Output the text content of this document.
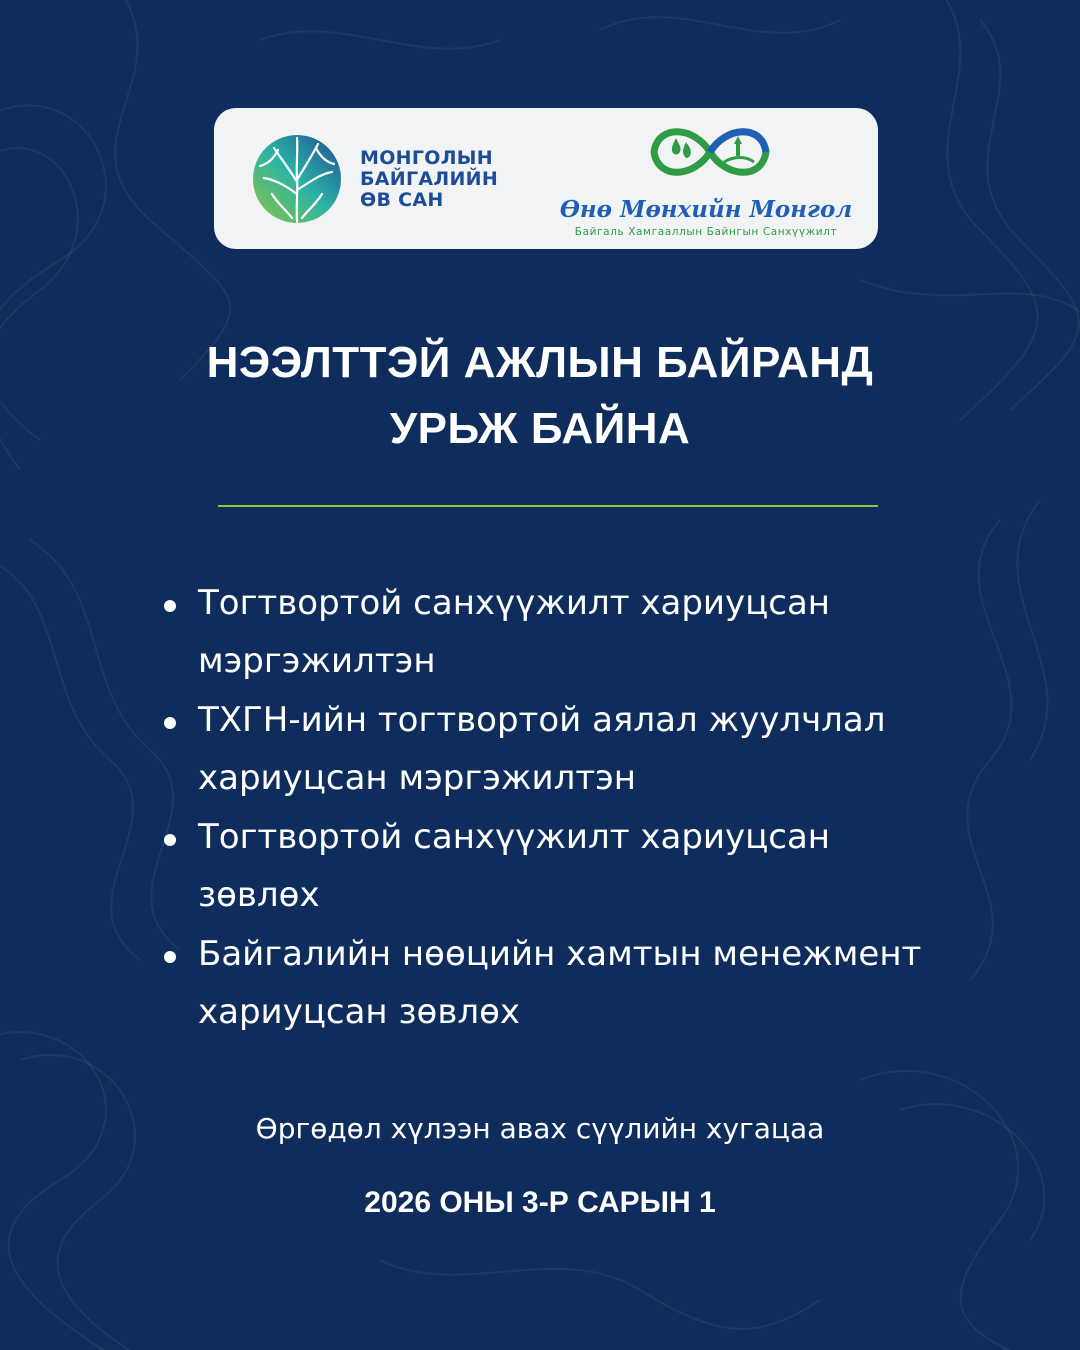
МОНГОЛЫН
БАЙГАЛИЙН
ӨВ САН	Өнө Мөнхийн Монгол
Байгаль Хамгааллын Байнгын Санхүүжилт
НЭЭЛТТЭЙ АЖЛЫН БАЙРАНД
УРЬЖ БАЙНА
Тогтвортой санхүүжилт хариуцсан
мэргэжилтэн
ТХГН-ийн тогтвортой аялал жуулчлал
хариуцсан мэргэжилтэн
Тогтвортой санхүүжилт хариуцсан
зөвлөх
Байгалийн нөөцийн хамтын менежмент
хариуцсан зөвлөх
Өргөдөл хүлээн авах сүүлийн хугацаа
2026 ОНЫ 3-Р САРЫН 1
